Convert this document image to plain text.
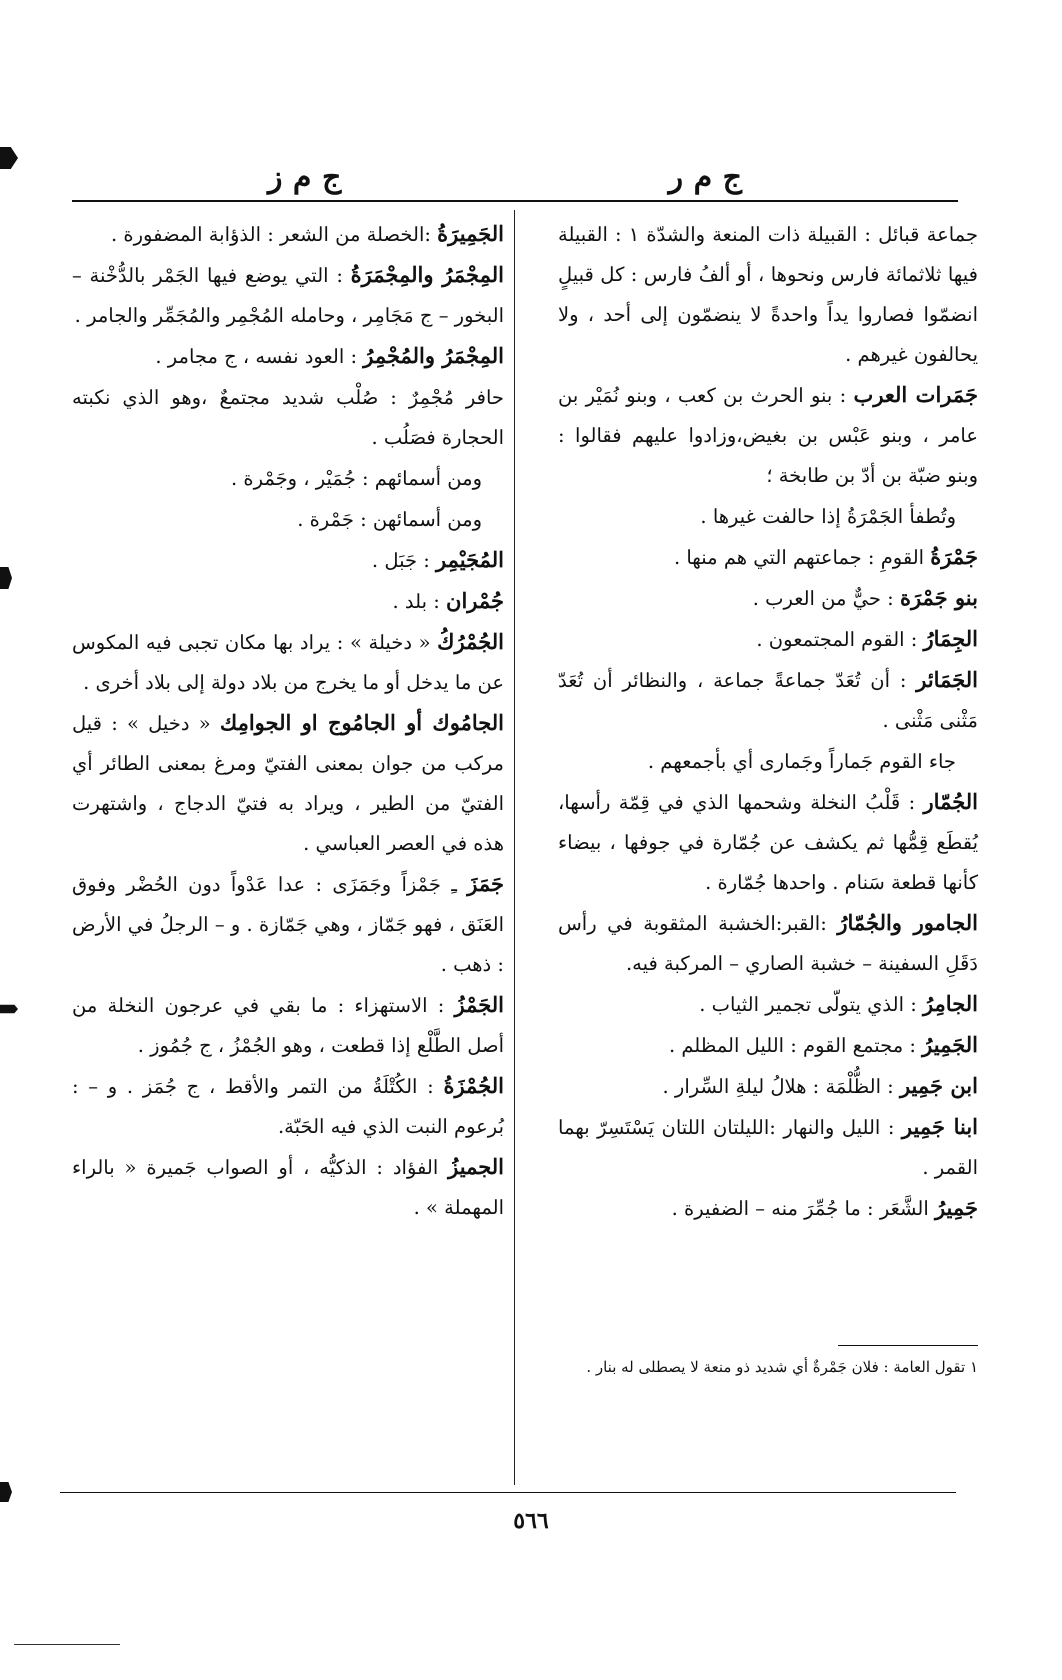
ج م ر
ج م ز

جماعة قبائل : القبيلة ذات المنعة والشدّة ١ : القبيلة فيها ثلاثمائة فارس ونحوها ، أو ألفُ فارس : كل قبيلٍ انضمّوا فصاروا يداً واحدةً لا ينضمّون إلى أحد ، ولا يحالفون غيرهم .

جَمَرات العرب : بنو الحرث بن كعب ، وبنو نُمَيْر بن عامر ، وبنو عَبْس بن بغيض،وزادوا عليهم فقالوا : وبنو ضبّة بن أدّ بن طابخة ؛

وتُطفأ الجَمْرَةُ إذا حالفت غيرها .

جَمْرَةُ القومِ : جماعتهم التي هم منها .

بنو جَمْرَة : حيٌّ من العرب .

الجِمَارُ : القوم المجتمعون .

الجَمَائر : أن تُعَدّ جماعةً جماعة ، والنظائر أن تُعَدّ مَثْنى مَثْنى .

جاء القوم جَماراً وجَمارى أي بأجمعهم .

الجُمّار : قَلْبُ النخلة وشحمها الذي في قِمّة رأسها، يُقطَع قِمُّها ثم يكشف عن جُمّارة في جوفها ، بيضاء كأنها قطعة سَنام . واحدها جُمّارة .

الجامور والجُمّارُ :القبر:الخشبة المثقوبة في رأس دَقَلِ السفينة – خشبة الصاري – المركبة فيه.

الجامِرُ : الذي يتولّى تجمير الثياب .

الجَمِيرُ : مجتمع القوم : الليل المظلم .

ابن جَمِير : الظُّلْمَة : هلالُ ليلةِ السِّرار .

ابنا جَمِير : الليل والنهار :الليلتان اللتان يَسْتَسِرّ بهما القمر .

جَمِيرُ الشَّعَر : ما جُمِّرَ منه – الضفيرة .

الجَمِيرَةُ :الخصلة من الشعر : الذؤابة المضفورة .

المِجْمَرُ والمِجْمَرَةُ : التي يوضع فيها الجَمْر بالدُّخْنة – البخور – ج مَجَامِر ، وحامله المُجْمِر والمُجَمِّر والجامر .

المِجْمَرُ والمُجْمِرُ : العود نفسه ، ج مجامر .

حافر مُجْمِرٌ : صُلْب شديد مجتمعٌ ،وهو الذي نكبته الحجارة فصَلُب .

ومن أسمائهم : جُمَيْر ، وجَمْرة .

ومن أسمائهن : جَمْرة .

المُجَيْمِر : جَبَل .

جُمْران : بلد .

الجُمْرُكُ « دخيلة » : يراد بها مكان تجبى فيه المكوس عن ما يدخل أو ما يخرج من بلاد دولة إلى بلاد أخرى .

الجامُوك أو الجامُوج او الجوامِك « دخيل » : قيل مركب من جوان بمعنى الفتيّ ومرغ بمعنى الطائر أي الفتيّ من الطير ، ويراد به فتيّ الدجاج ، واشتهرت هذه في العصر العباسي .

جَمَزَ ـِ جَمْزاً وجَمَزَى : عدا عَدْواً دون الحُضْر وفوق العَنَق ، فهو جَمّاز ، وهي جَمّازة . و – الرجلُ في الأرض : ذهب .

الجَمْزُ : الاستهزاء : ما بقي في عرجون النخلة من أصل الطَّلْع إذا قطعت ، وهو الجُمْزُ ، ج جُمُوز .

الجُمْزَةُ : الكُتْلَةُ من التمر والأقط ، ج جُمَز . و – : بُرعوم النبت الذي فيه الحَبّة.

الجميزُ الفؤاد : الذكيُّه ، أو الصواب جَميرة « بالراء المهملة » .

١ تقول العامة : فلان جَمْرةٌ أي شديد ذو منعة لا يصطلى له بنار .
٥٦٦
